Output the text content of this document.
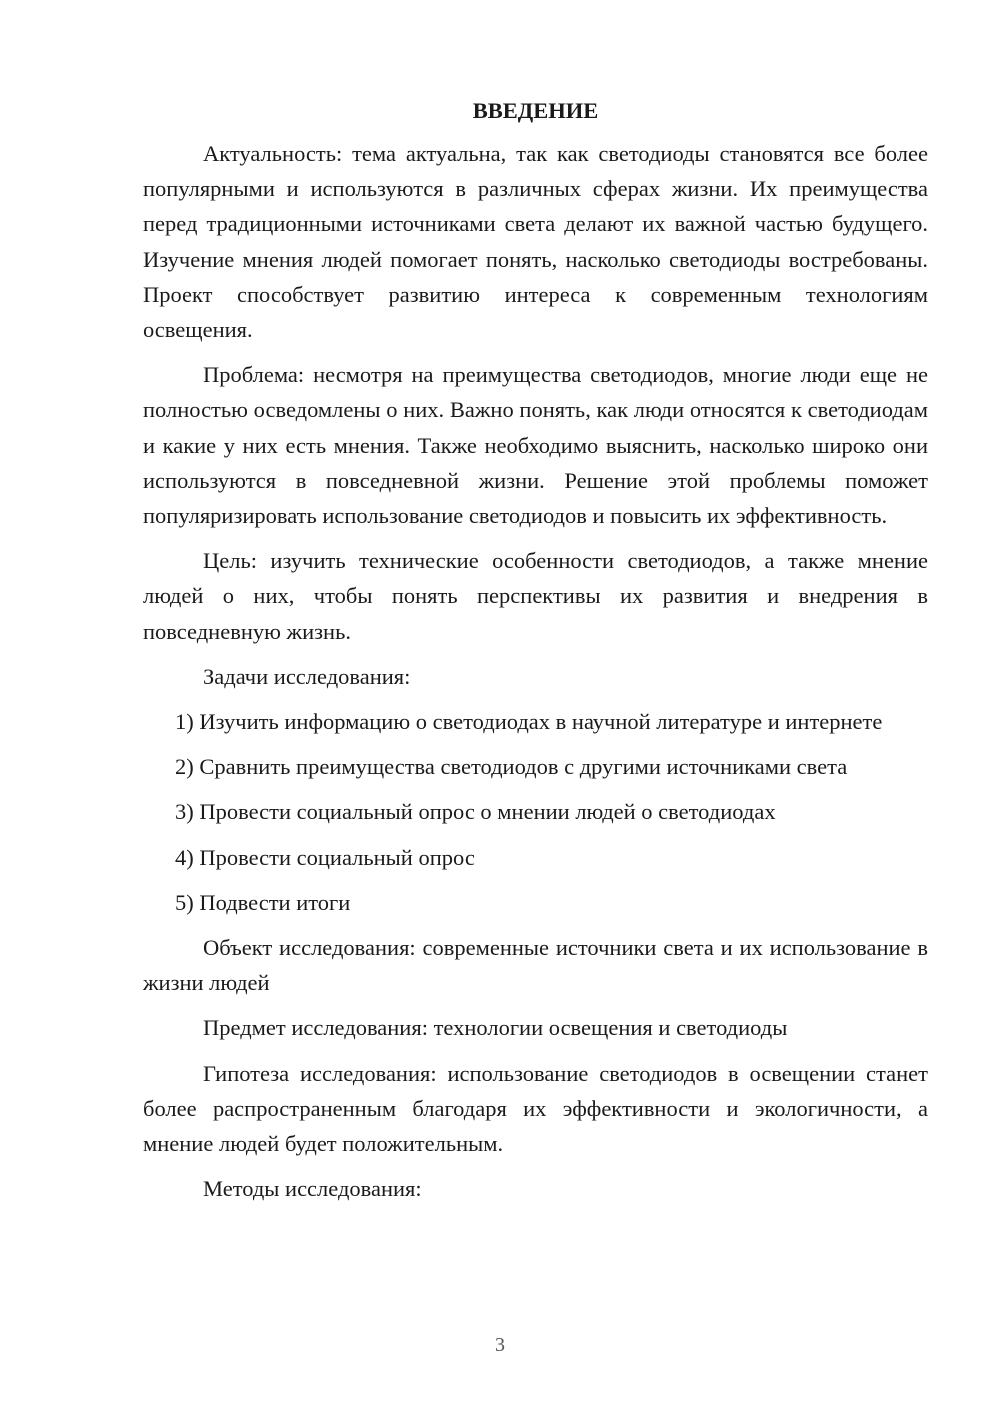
ВВЕДЕНИЕ

Актуальность: тема актуальна, так как светодиоды становятся все более популярными и используются в различных сферах жизни. Их преимущества перед традиционными источниками света делают их важной частью будущего. Изучение мнения людей помогает понять, насколько светодиоды востребованы. Проект способствует развитию интереса к современным технологиям освещения.

Проблема: несмотря на преимущества светодиодов, многие люди еще не полностью осведомлены о них. Важно понять, как люди относятся к светодиодам и какие у них есть мнения. Также необходимо выяснить, насколько широко они используются в повседневной жизни. Решение этой проблемы поможет популяризировать использование светодиодов и повысить их эффективность.

Цель: изучить технические особенности светодиодов, а также мнение людей о них, чтобы понять перспективы их развития и внедрения в повседневную жизнь.

Задачи исследования:

1) Изучить информацию о светодиодах в научной литературе и интернете

2) Сравнить преимущества светодиодов с другими источниками света

3) Провести социальный опрос о мнении людей о светодиодах

4) Провести социальный опрос

5) Подвести итоги

Объект исследования: современные источники света и их использование в жизни людей

Предмет исследования: технологии освещения и светодиоды

Гипотеза исследования: использование светодиодов в освещении станет более распространенным благодаря их эффективности и экологичности, а мнение людей будет положительным.

Методы исследования:

3
